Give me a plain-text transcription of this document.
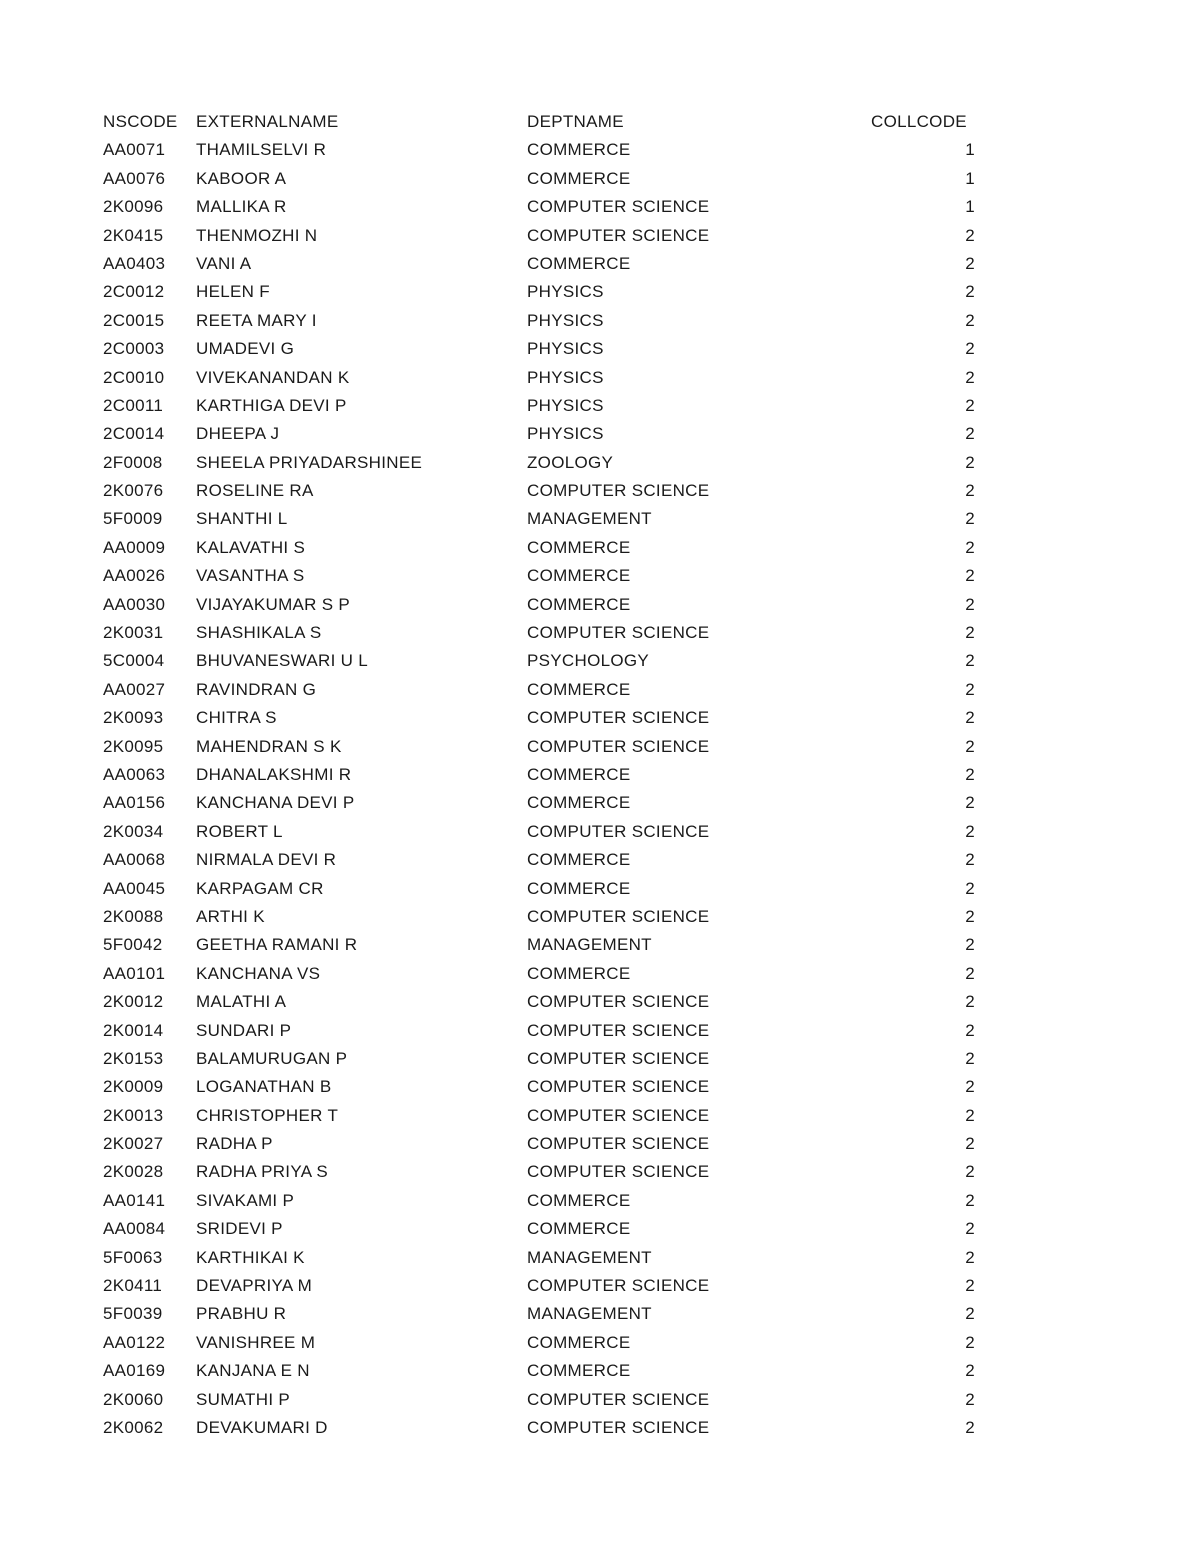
NSCODE EXTERNALNAME	DEPTNAME	COLLCODE
AA0071 THAMILSELVI R	COMMERCE	1
AA0076 KABOOR A	COMMERCE	1
2K0096 MALLIKA R	COMPUTER SCIENCE	1
2K0415 THENMOZHI N	COMPUTER SCIENCE	2
AA0403 VANI A	COMMERCE	2
2C0012 HELEN F	PHYSICS	2
2C0015 REETA MARY I	PHYSICS	2
2C0003 UMADEVI G	PHYSICS	2
2C0010 VIVEKANANDAN K	PHYSICS	2
2C0011 KARTHIGA DEVI P	PHYSICS	2
2C0014 DHEEPA J	PHYSICS	2
2F0008 SHEELA PRIYADARSHINEE	ZOOLOGY	2
2K0076 ROSELINE RA	COMPUTER SCIENCE	2
5F0009 SHANTHI L	MANAGEMENT	2
AA0009 KALAVATHI S	COMMERCE	2
AA0026 VASANTHA S	COMMERCE	2
AA0030 VIJAYAKUMAR S P	COMMERCE	2
2K0031 SHASHIKALA S	COMPUTER SCIENCE	2
5C0004 BHUVANESWARI U L	PSYCHOLOGY	2
AA0027 RAVINDRAN G	COMMERCE	2
2K0093 CHITRA S	COMPUTER SCIENCE	2
2K0095 MAHENDRAN S K	COMPUTER SCIENCE	2
AA0063 DHANALAKSHMI R	COMMERCE	2
AA0156 KANCHANA DEVI P	COMMERCE	2
2K0034 ROBERT L	COMPUTER SCIENCE	2
AA0068 NIRMALA DEVI R	COMMERCE	2
AA0045 KARPAGAM CR	COMMERCE	2
2K0088 ARTHI K	COMPUTER SCIENCE	2
5F0042 GEETHA RAMANI R	MANAGEMENT	2
AA0101 KANCHANA VS	COMMERCE	2
2K0012 MALATHI A	COMPUTER SCIENCE	2
2K0014 SUNDARI P	COMPUTER SCIENCE	2
2K0153 BALAMURUGAN P	COMPUTER SCIENCE	2
2K0009 LOGANATHAN B	COMPUTER SCIENCE	2
2K0013 CHRISTOPHER T	COMPUTER SCIENCE	2
2K0027 RADHA P	COMPUTER SCIENCE	2
2K0028 RADHA PRIYA S	COMPUTER SCIENCE	2
AA0141 SIVAKAMI P	COMMERCE	2
AA0084 SRIDEVI P	COMMERCE	2
5F0063 KARTHIKAI K	MANAGEMENT	2
2K0411 DEVAPRIYA M	COMPUTER SCIENCE	2
5F0039 PRABHU R	MANAGEMENT	2
AA0122 VANISHREE M	COMMERCE	2
AA0169 KANJANA E N	COMMERCE	2
2K0060 SUMATHI P	COMPUTER SCIENCE	2
2K0062 DEVAKUMARI D	COMPUTER SCIENCE	2
